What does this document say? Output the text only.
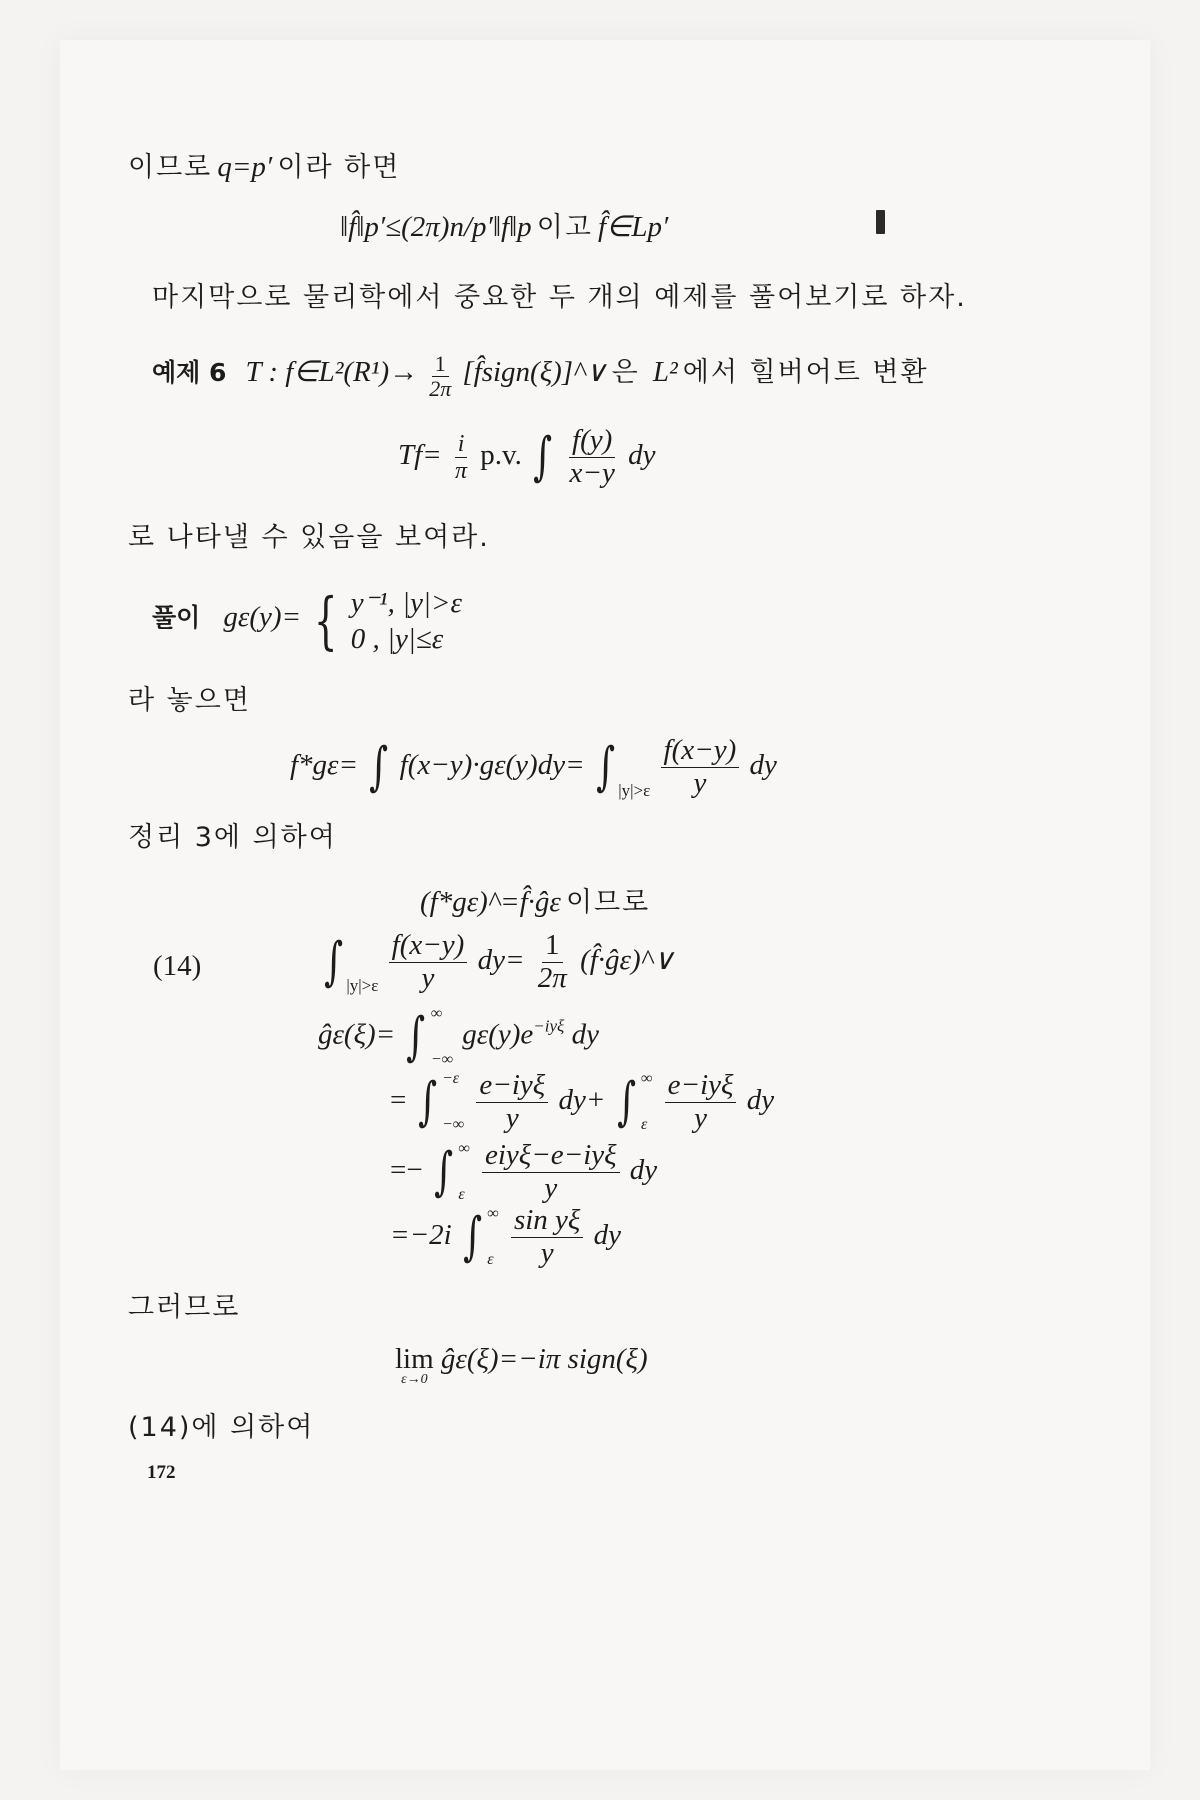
이므로 q=p′ 이라 하면
‖f̂‖p′≤(2π)n/p′‖f‖p 이고 f̂∈Lp′
마지막으로 물리학에서 중요한 두 개의 예제를 풀어보기로 하자.
예제 6 T : f∈L²(R¹)→ $\frac{1}{2\pi}$ [f̂sign(ξ)]^∨ 은 L² 에서 힐버어트 변환
$Tf= \frac{i}{\pi} p.v$. ∫ $\frac{f(y)}{x-y}$ dy
로 나타낼 수 있음을 보여라.
풀이 gε(y)= { y⁻¹, |y|>ε
0 , |y|≤ε
라 놓으면
f*gε= ∫ f(x−y)·gε(y)dy= ∫ $_{|y|>\varepsilon} \frac{f(x-y)}{y}$ dy
정리 3에 의하여
(f*gε)^=f̂·ĝε 이므로
(14) ∫ $_{|y|>\varepsilon} \frac{f(x-y)}{y} dy= \frac{1}{2\pi}$ (f̂·ĝε)^∨
ĝε(ξ)= ∫ ∞
−∞
$g\varepsilon(y)e^{-iy\xi}$ dy
= ∫ −ε
−∞
$\frac{\text{e−iyξ}}{y} dy+$ ∫ ∞
ε
$\frac{\text{e−iyξ}}{y}$ dy
=− ∫ ∞
ε
$\frac{\text{eiyξ−e−iyξ}}{y}$ dy
=−2i ∫ ∞
ε
$\frac{\text{sin yξ}}{y}$ dy
그러므로
lim
ε→0
ĝε(ξ)=−iπ sign(ξ)
(14)에 의하여
172
